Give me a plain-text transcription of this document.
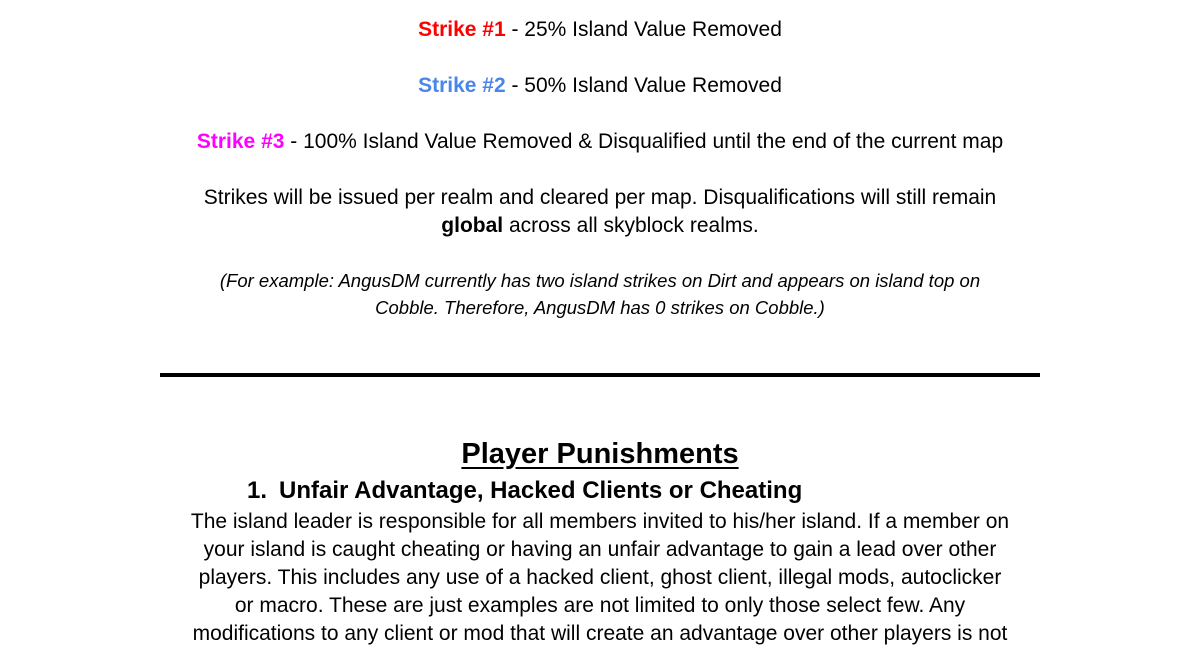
Strike #1 - 25% Island Value Removed
Strike #2 - 50% Island Value Removed
Strike #3 - 100% Island Value Removed & Disqualified until the end of the current map
Strikes will be issued per realm and cleared per map. Disqualifications will still remain
global across all skyblock realms.
(For example: AngusDM currently has two island strikes on Dirt and appears on island top on
Cobble. Therefore, AngusDM has 0 strikes on Cobble.)
Player Punishments
1. Unfair Advantage, Hacked Clients or Cheating
The island leader is responsible for all members invited to his/her island. If a member on
your island is caught cheating or having an unfair advantage to gain a lead over other
players. This includes any use of a hacked client, ghost client, illegal mods, autoclicker
or macro. These are just examples are not limited to only those select few. Any
modifications to any client or mod that will create an advantage over other players is not
